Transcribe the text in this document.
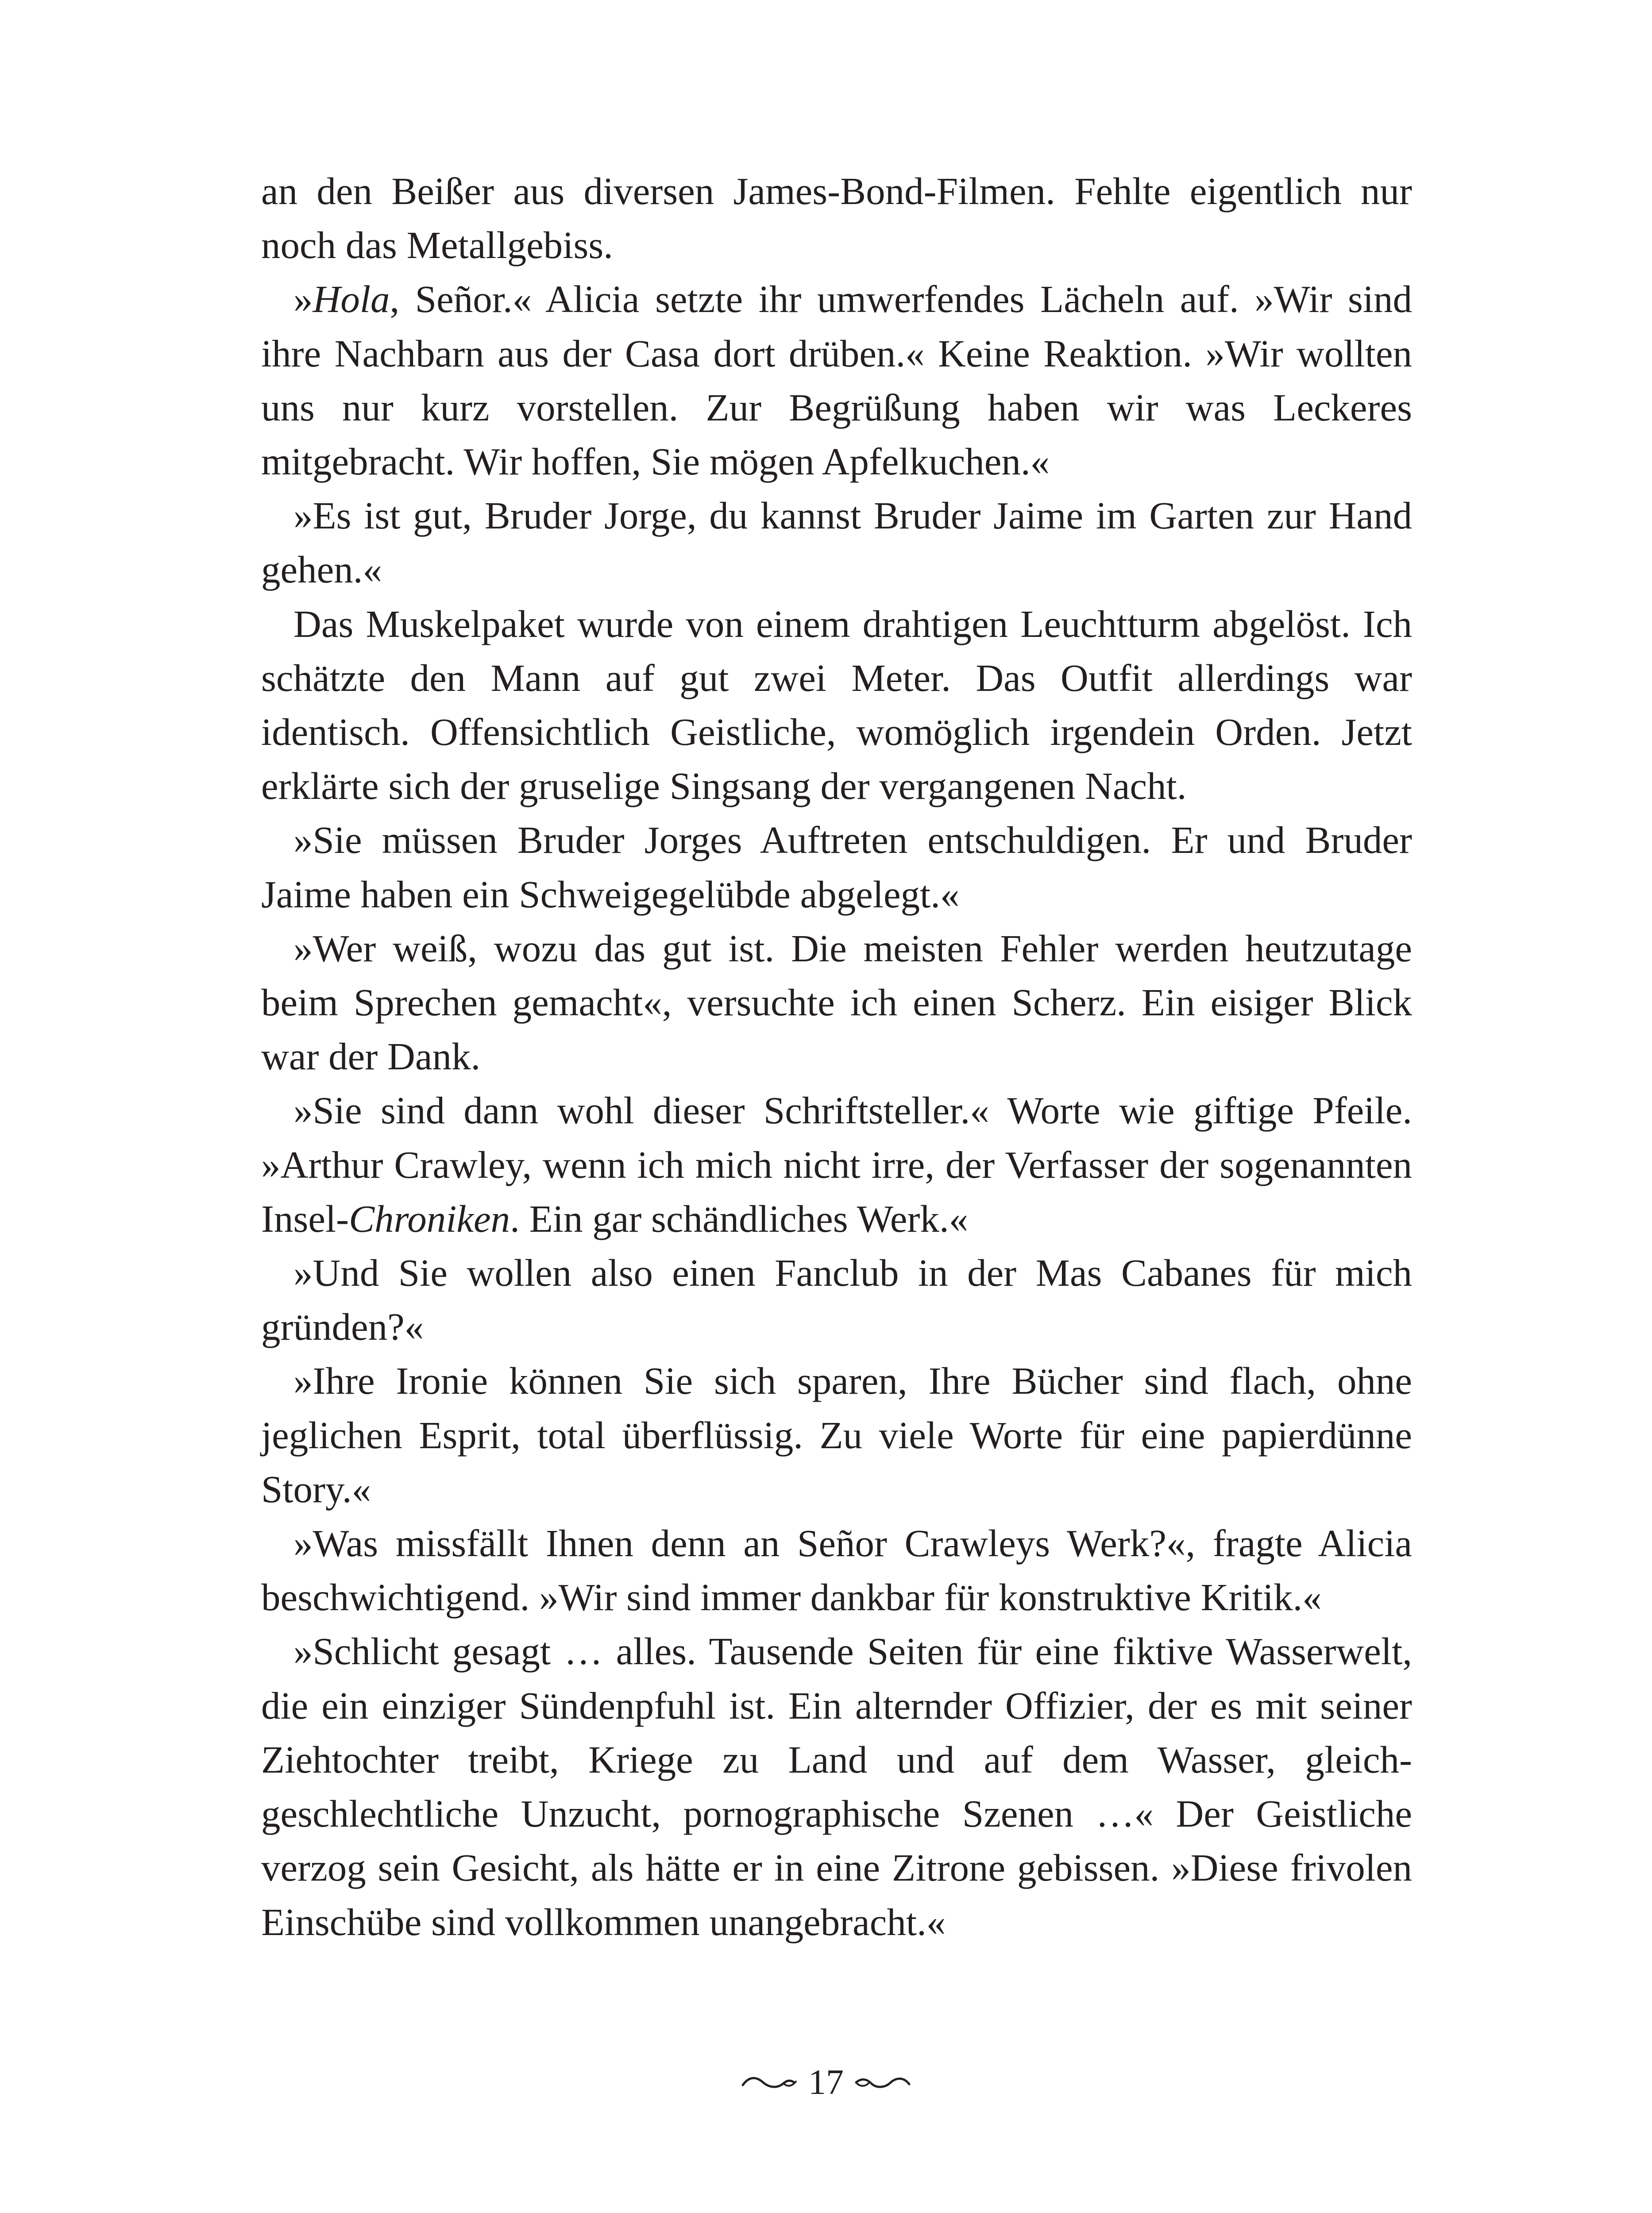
an den Beißer aus diversen James-Bond-Filmen. Fehlte eigentlich nur noch das Metallgebiss.

»Hola, Señor.« Alicia setzte ihr umwerfendes Lächeln auf. »Wir sind ihre Nachbarn aus der Casa dort drüben.« Keine Reaktion. »Wir wollten uns nur kurz vorstellen. Zur Begrüßung haben wir was Leckeres mitgebracht. Wir hoffen, Sie mögen Apfelkuchen.«

»Es ist gut, Bruder Jorge, du kannst Bruder Jaime im Garten zur Hand gehen.«

Das Muskelpaket wurde von einem drahtigen Leuchtturm abgelöst. Ich schätzte den Mann auf gut zwei Meter. Das Outfit allerdings war identisch. Offensichtlich Geistliche, womöglich irgendein Orden. Jetzt erklärte sich der gruselige Singsang der vergangenen Nacht.

»Sie müssen Bruder Jorges Auftreten entschuldigen. Er und Bruder Jaime haben ein Schweigegelübde abgelegt.«

»Wer weiß, wozu das gut ist. Die meisten Fehler werden heutzutage beim Sprechen gemacht«, versuchte ich einen Scherz. Ein eisiger Blick war der Dank.

»Sie sind dann wohl dieser Schriftsteller.« Worte wie giftige Pfeile. »Arthur Crawley, wenn ich mich nicht irre, der Verfasser der sogenannten Insel-Chroniken. Ein gar schändliches Werk.«

»Und Sie wollen also einen Fanclub in der Mas Cabanes für mich gründen?«

»Ihre Ironie können Sie sich sparen, Ihre Bücher sind flach, ohne jeglichen Esprit, total überflüssig. Zu viele Worte für eine papierdünne Story.«

»Was missfällt Ihnen denn an Señor Crawleys Werk?«, fragte Alicia beschwichtigend. »Wir sind immer dankbar für konstruktive Kritik.«

»Schlicht gesagt … alles. Tausende Seiten für eine fiktive Wasserwelt, die ein einziger Sündenpfuhl ist. Ein alternder Offizier, der es mit seiner Ziehtochter treibt, Kriege zu Land und auf dem Wasser, gleichgeschlechtliche Unzucht, pornographische Szenen …« Der Geistliche verzog sein Gesicht, als hätte er in eine Zitrone gebissen. »Diese frivolen Einschübe sind vollkommen unangebracht.«

17
